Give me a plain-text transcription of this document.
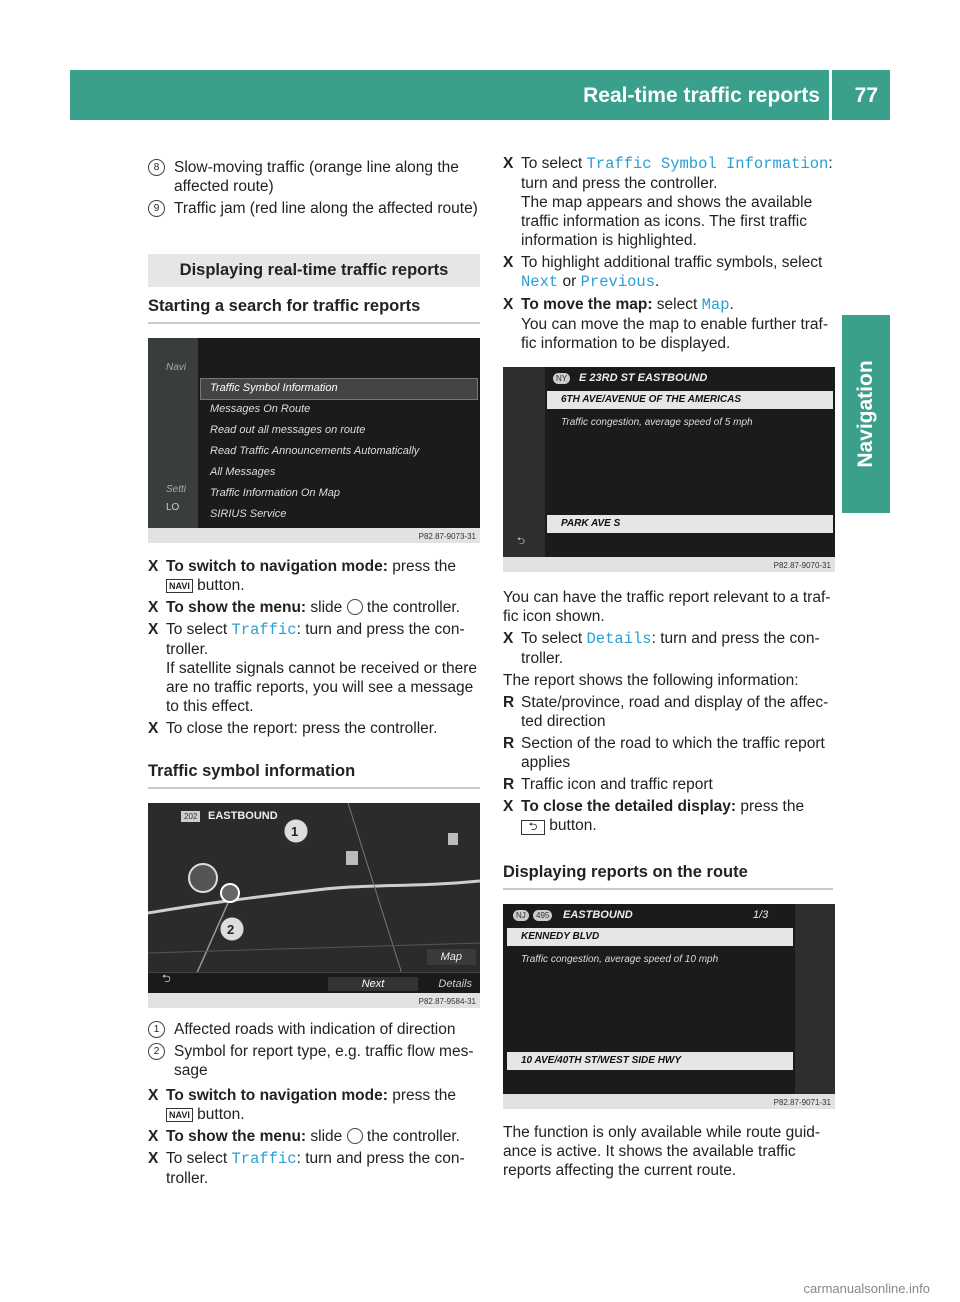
Real-time traffic reports 77
Navigation
8 Slow-moving traffic (orange line along the affected route)
9 Traffic jam (red line along the affected route)
Displaying real-time traffic reports
Starting a search for traffic reports
Navi
Setti
LO
Traffic Symbol Information
Messages On Route
Read out all messages on route
Read Traffic Announcements Automatically
All Messages
Traffic Information On Map
SIRIUS Service
P82.87-9073-31
X To switch to navigation mode: press the
NAVI button.
X To show the menu: slide  the controller.
X To select Traffic: turn and press the con-troller.
If satellite signals cannot be received or there are no traffic reports, you will see a message to this effect.
X To close the report: press the controller.
Traffic symbol information
1
2
202 EASTBOUND
Map
⮌	Next	Details
P82.87-9584-31
1 Affected roads with indication of direction
2 Symbol for report type, e.g. traffic flow mes-sage
X To switch to navigation mode: press the
NAVI button.
X To show the menu: slide  the controller.
X To select Traffic: turn and press the con-troller.
X To select Traffic Symbol Information:
turn and press the controller.
The map appears and shows the available traffic information as icons. The first traffic information is highlighted.
X To highlight additional traffic symbols, select Next or Previous.
X To move the map: select Map.
You can move the map to enable further traf-fic information to be displayed.
NY E 23RD ST EASTBOUND
6TH AVE/AVENUE OF THE AMERICAS
Traffic congestion, average speed of 5 mph
PARK AVE S
⮌
P82.87-9070-31

You can have the traffic report relevant to a traf-fic icon shown.

X To select Details: turn and press the con-troller.

The report shows the following information:

R State/province, road and display of the affec-ted direction
R Section of the road to which the traffic report applies
R Traffic icon and traffic report
X To close the detailed display: press the
⮌ button.
Displaying reports on the route
NJ	495 EASTBOUND	1/3
KENNEDY BLVD
Traffic congestion, average speed of 10 mph
10 AVE/40TH ST/WEST SIDE HWY
P82.87-9071-31

The function is only available while route guid-ance is active. It shows the available traffic reports affecting the current route.

carmanualsonline.info
